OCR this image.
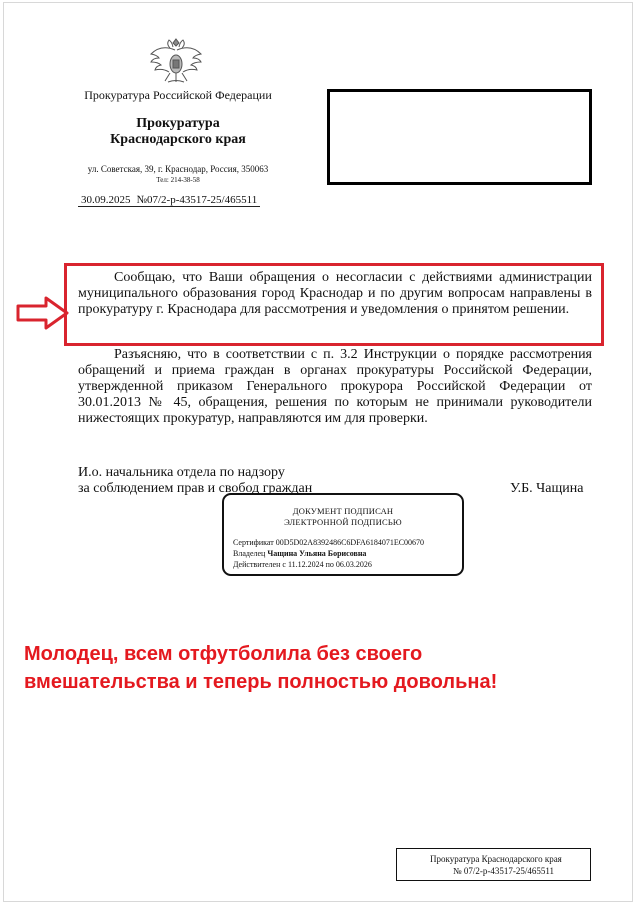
Прокуратура Российской Федерации
Прокуратура
Краснодарского края
ул. Советская, 39, г. Краснодар, Россия, 350063
Тел: 214-38-58
30.09.2025 №07/2-р-43517-25/465511

Сообщаю, что Ваши обращения о несогласии с действиями администрации муниципального образования город Краснодар и по другим вопросам направлены в прокуратуру г. Краснодара для рассмотрения и уведомления о принятом решении.

Разъясняю, что в соответствии с п. 3.2 Инструкции о порядке рассмотрения обращений и приема граждан в органах прокуратуры Российской Федерации, утвержденной приказом Генерального прокурора Российской Федерации от 30.01.2013 № 45, обращения, решения по которым не принимали руководители нижестоящих прокуратур, направляются им для проверки.

И.о. начальника отдела по надзору
за соблюдением прав и свобод граждан	У.Б. Чащина
ДОКУМЕНТ ПОДПИСАН
ЭЛЕКТРОННОЙ ПОДПИСЬЮ
Сертификат 00D5D02A8392486C6DFA6184071EC00670
Владелец Чащина Ульяна Борисовна
Действителен с 11.12.2024 по 06.03.2026
Молодец, всем отфутболила без своего
вмешательства и теперь полностью довольна!
Прокуратура Краснодарского края
№ 07/2-р-43517-25/465511
